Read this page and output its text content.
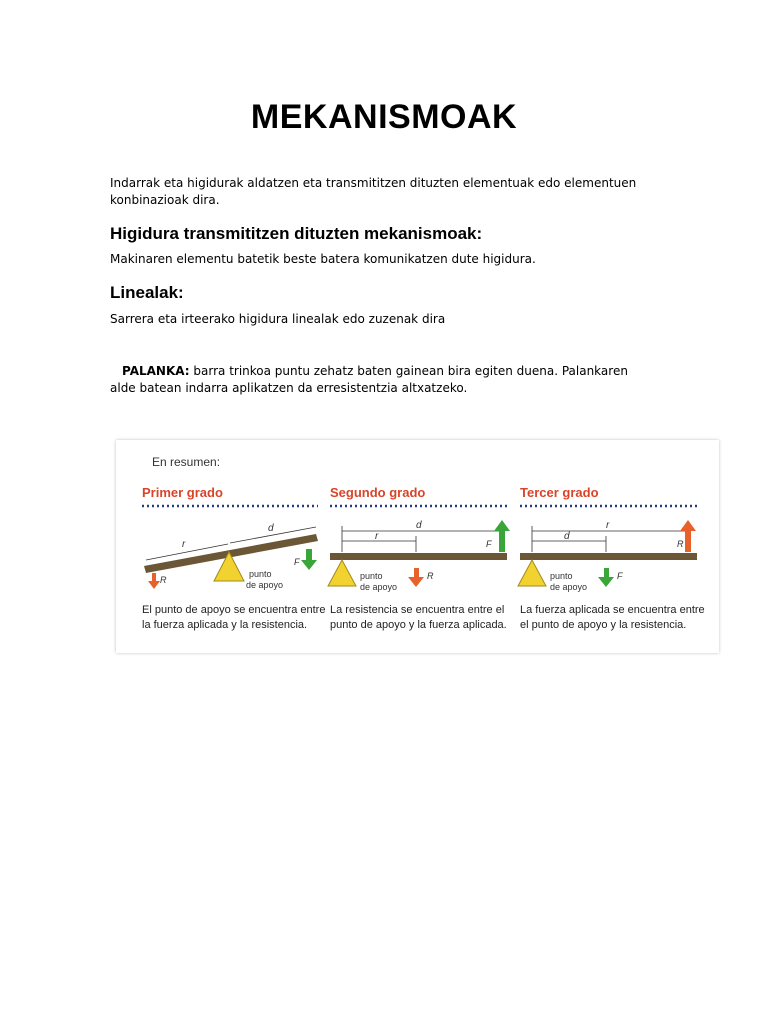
MEKANISMOAK
Indarrak eta higidurak aldatzen eta transmititzen dituzten elementuak edo elementuen konbinazioak dira.
Higidura transmititzen dituzten mekanismoak:
Makinaren elementu batetik beste batera komunikatzen dute higidura.
Linealak:
Sarrera eta irteerako higidura linealak edo zuzenak dira
PALANKA: barra trinkoa puntu zehatz baten gainean bira egiten duena. Palankaren alde batean indarra aplikatzen da erresistentzia altxatzeko.
En resumen:
Primer grado	Segundo grado	Tercer grado
r
d
R
F
punto
de apoyo
r
d
F
R
punto
de apoyo
d
r
R
F
punto
de apoyo
El punto de apoyo se encuentra entre la fuerza aplicada y la resistencia.
La resistencia se encuentra entre el punto de apoyo y la fuerza aplicada.
La fuerza aplicada se encuentra entre el punto de apoyo y la resistencia.
